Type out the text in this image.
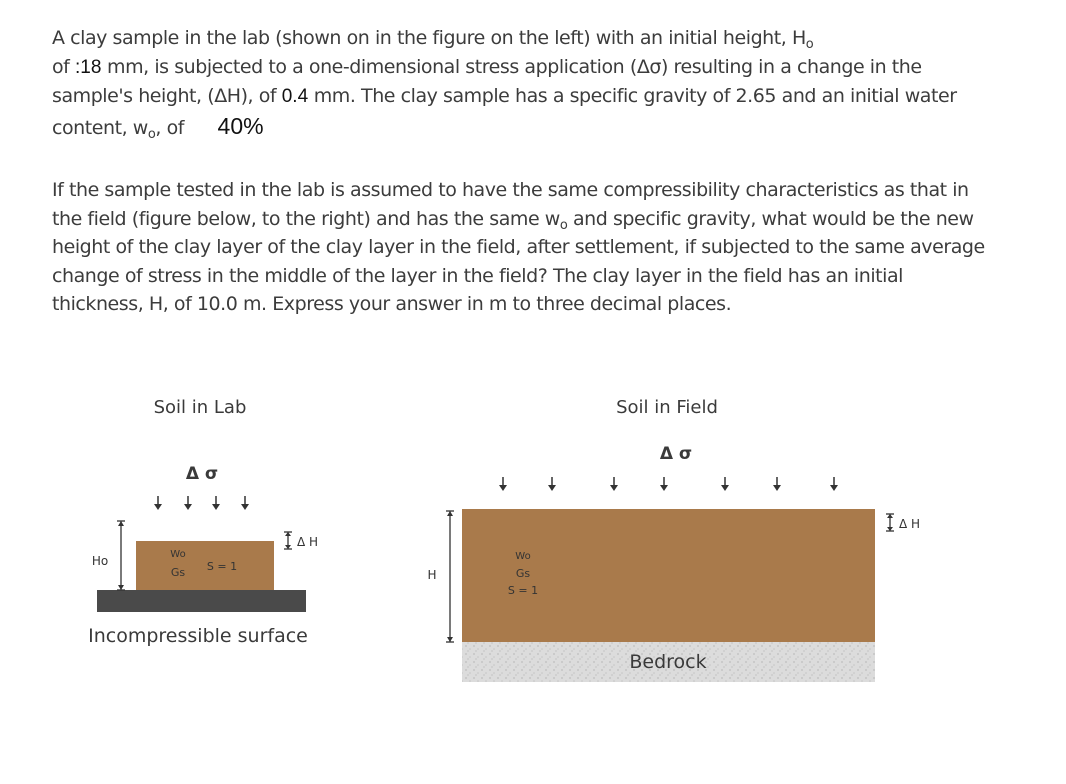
A clay sample in the lab (shown on in the figure on the left) with an initial height, $H_o$
of :18 mm, is subjected to a one-dimensional stress application (Δσ) resulting in a change in the sample's height, (ΔH), of 0.4 mm. The clay sample has a specific gravity of 2.65 and an initial water content, $w_o$, of 40%
If the sample tested in the lab is assumed to have the same compressibility characteristics as that in the field (figure below, to the right) and has the same $w_o$ and specific gravity, what would be the new height of the clay layer of the clay layer in the field, after settlement, if subjected to the same average change of stress in the middle of the layer in the field? The clay layer in the field has an initial thickness, H, of 10.0 m. Express your answer in m to three decimal places.
Soil in Lab
Δ σ
Wo
Gs S = 1
Ho
Δ H
Incompressible surface
Soil in Field
Δ σ
Wo
Gs
S = 1
H
Δ H
Bedrock
